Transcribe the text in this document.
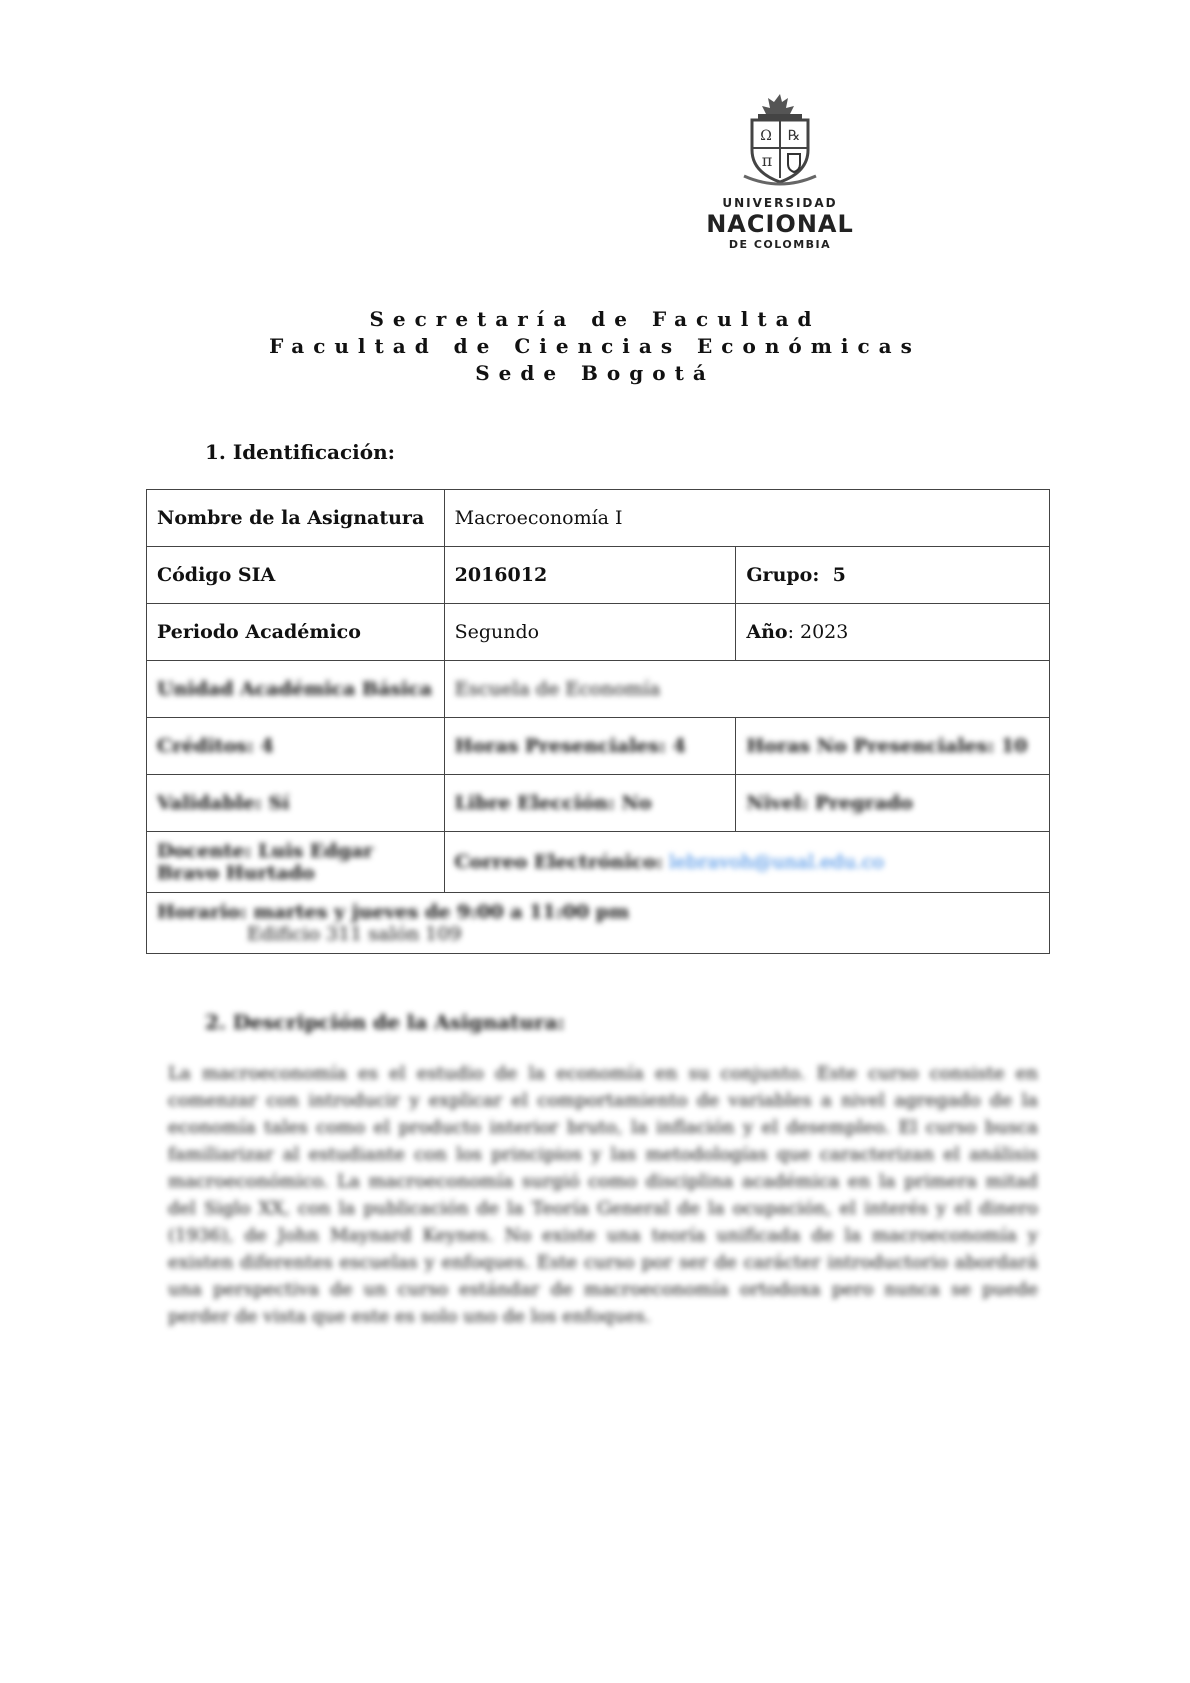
Ω ℞
π
UNIVERSIDAD
NACIONAL
DE COLOMBIA
Secretaría de Facultad
Facultad de Ciencias Económicas
Sede Bogotá
1. Identificación:
Nombre de la Asignatura	Macroeconomía I	
Código SIA	2016012	Grupo: 5
Periodo Académico	Segundo	Año: 2023
Unidad Académica Básica	Escuela de Economía	
Créditos: 4	Horas Presenciales: 4	Horas No Presenciales: 10
Validable: Sí	Libre Elección: No	Nivel: Pregrado
Docente: Luis Edgar Bravo Hurtado	Correo Electrónico: lebravoh@unal.edu.co	

Horario: martes y jueves de 9:00 a 11:00 pm
Edificio 311 salón 109		
2. Descripción de la Asignatura:
La macroeconomía es el estudio de la economía en su conjunto. Este curso consiste en comenzar con introducir y explicar el comportamiento de variables a nivel agregado de la economía tales como el producto interior bruto, la inflación y el desempleo. El curso busca familiarizar al estudiante con los principios y las metodologías que caracterizan el análisis macroeconómico. La macroeconomía surgió como disciplina académica en la primera mitad del Siglo XX, con la publicación de la Teoría General de la ocupación, el interés y el dinero (1936), de John Maynard Keynes. No existe una teoría unificada de la macroeconomía y existen diferentes escuelas y enfoques. Este curso por ser de carácter introductorio abordará una perspectiva de un curso estándar de macroeconomía ortodoxa pero nunca se puede perder de vista que este es solo uno de los enfoques.
